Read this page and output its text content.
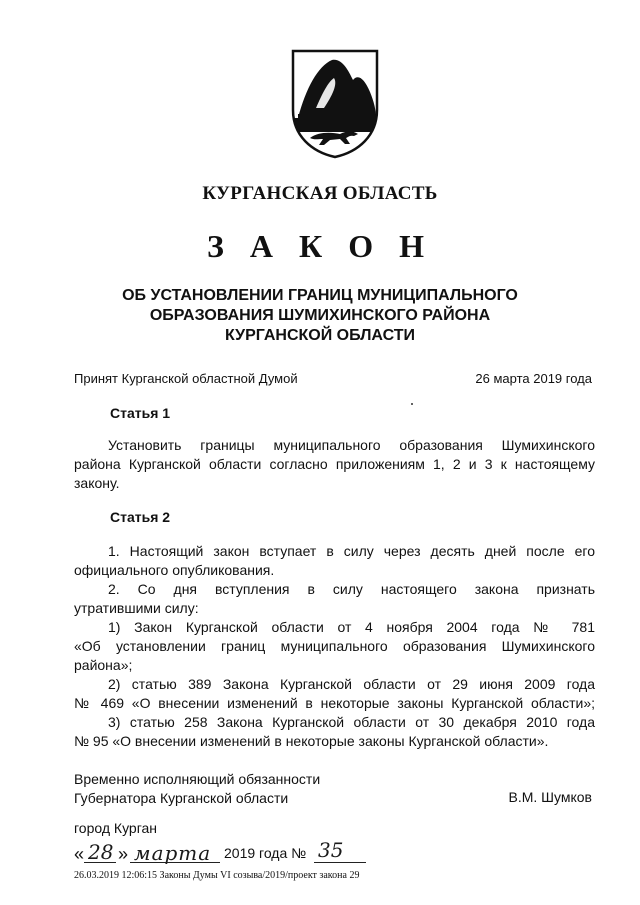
КУРГАНСКАЯ ОБЛАСТЬ
З А К О Н
ОБ УСТАНОВЛЕНИИ ГРАНИЦ МУНИЦИПАЛЬНОГО
ОБРАЗОВАНИЯ ШУМИХИНСКОГО РАЙОНА
КУРГАНСКОЙ ОБЛАСТИ
Принят Курганской областной Думой	26 марта 2019 года
Статья 1
Установить границы муниципального образования Шумихинского
района Курганской области согласно приложениям 1, 2 и 3 к настоящему
закону.
Статья 2
1. Настоящий закон вступает в силу через десять дней после его
официального опубликования.
2. Со дня вступления в силу настоящего закона признать
утратившими силу:
1) Закон Курганской области от 4 ноября 2004 года № 781
«Об установлении границ муниципального образования Шумихинского
района»;
2) статью 389 Закона Курганской области от 29 июня 2009 года
№ 469 «О внесении изменений в некоторые законы Курганской области»;
3) статью 258 Закона Курганской области от 30 декабря 2010 года
№ 95 «О внесении изменений в некоторые законы Курганской области».
Временно исполняющий обязанности
Губернатора Курганской области	В.М. Шумков
город Курган
« 28 » марта 2019 года № 35
26.03.2019 12:06:15 Законы Думы VI созыва/2019/проект закона 29
